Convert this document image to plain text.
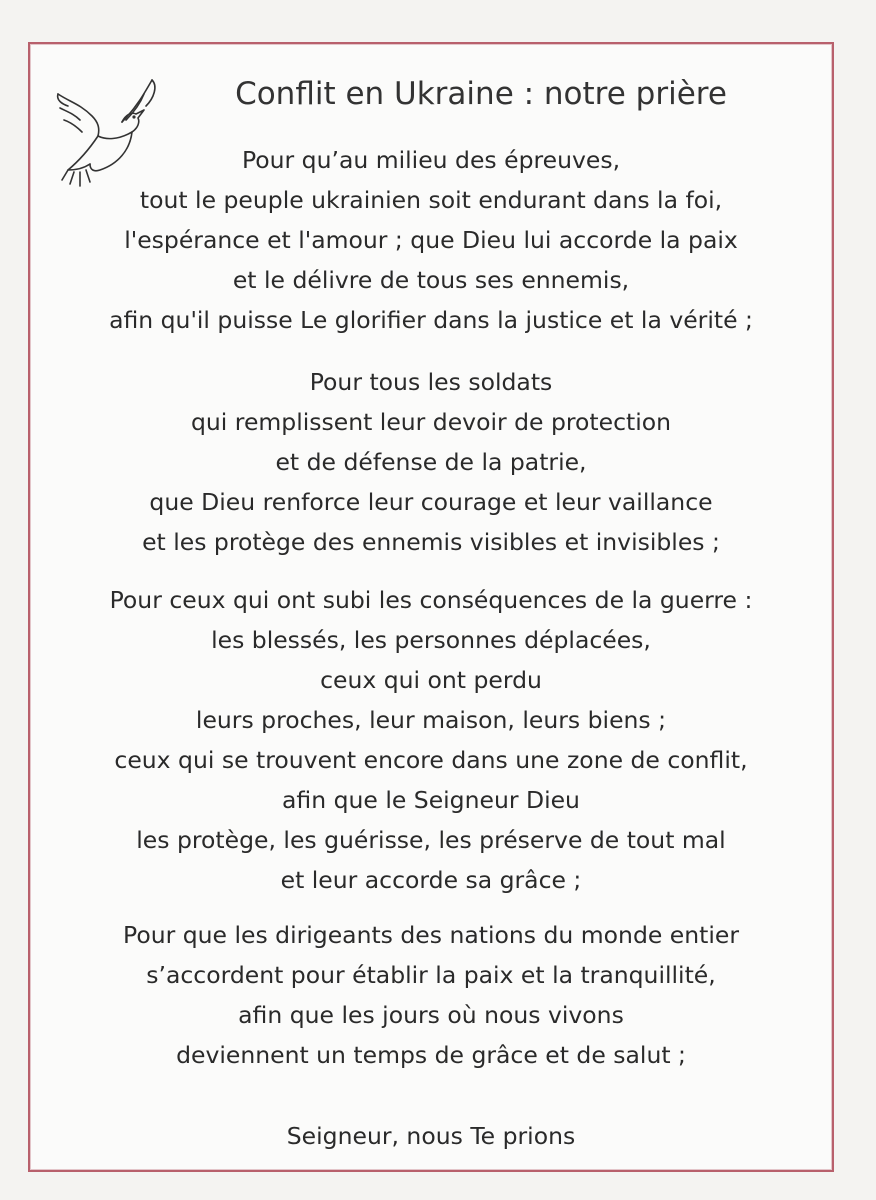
Conflit en Ukraine : notre prière

Pour qu’au milieu des épreuves,
tout le peuple ukrainien soit endurant dans la foi,
l'espérance et l'amour ; que Dieu lui accorde la paix
et le délivre de tous ses ennemis,
afin qu'il puisse Le glorifier dans la justice et la vérité ;

Pour tous les soldats
qui remplissent leur devoir de protection
et de défense de la patrie,
que Dieu renforce leur courage et leur vaillance
et les protège des ennemis visibles et invisibles ;

Pour ceux qui ont subi les conséquences de la guerre :
les blessés, les personnes déplacées,
ceux qui ont perdu
leurs proches, leur maison, leurs biens ;
ceux qui se trouvent encore dans une zone de conflit,
afin que le Seigneur Dieu
les protège, les guérisse, les préserve de tout mal
et leur accorde sa grâce ;

Pour que les dirigeants des nations du monde entier
s’accordent pour établir la paix et la tranquillité,
afin que les jours où nous vivons
deviennent un temps de grâce et de salut ;

Seigneur, nous Te prions
